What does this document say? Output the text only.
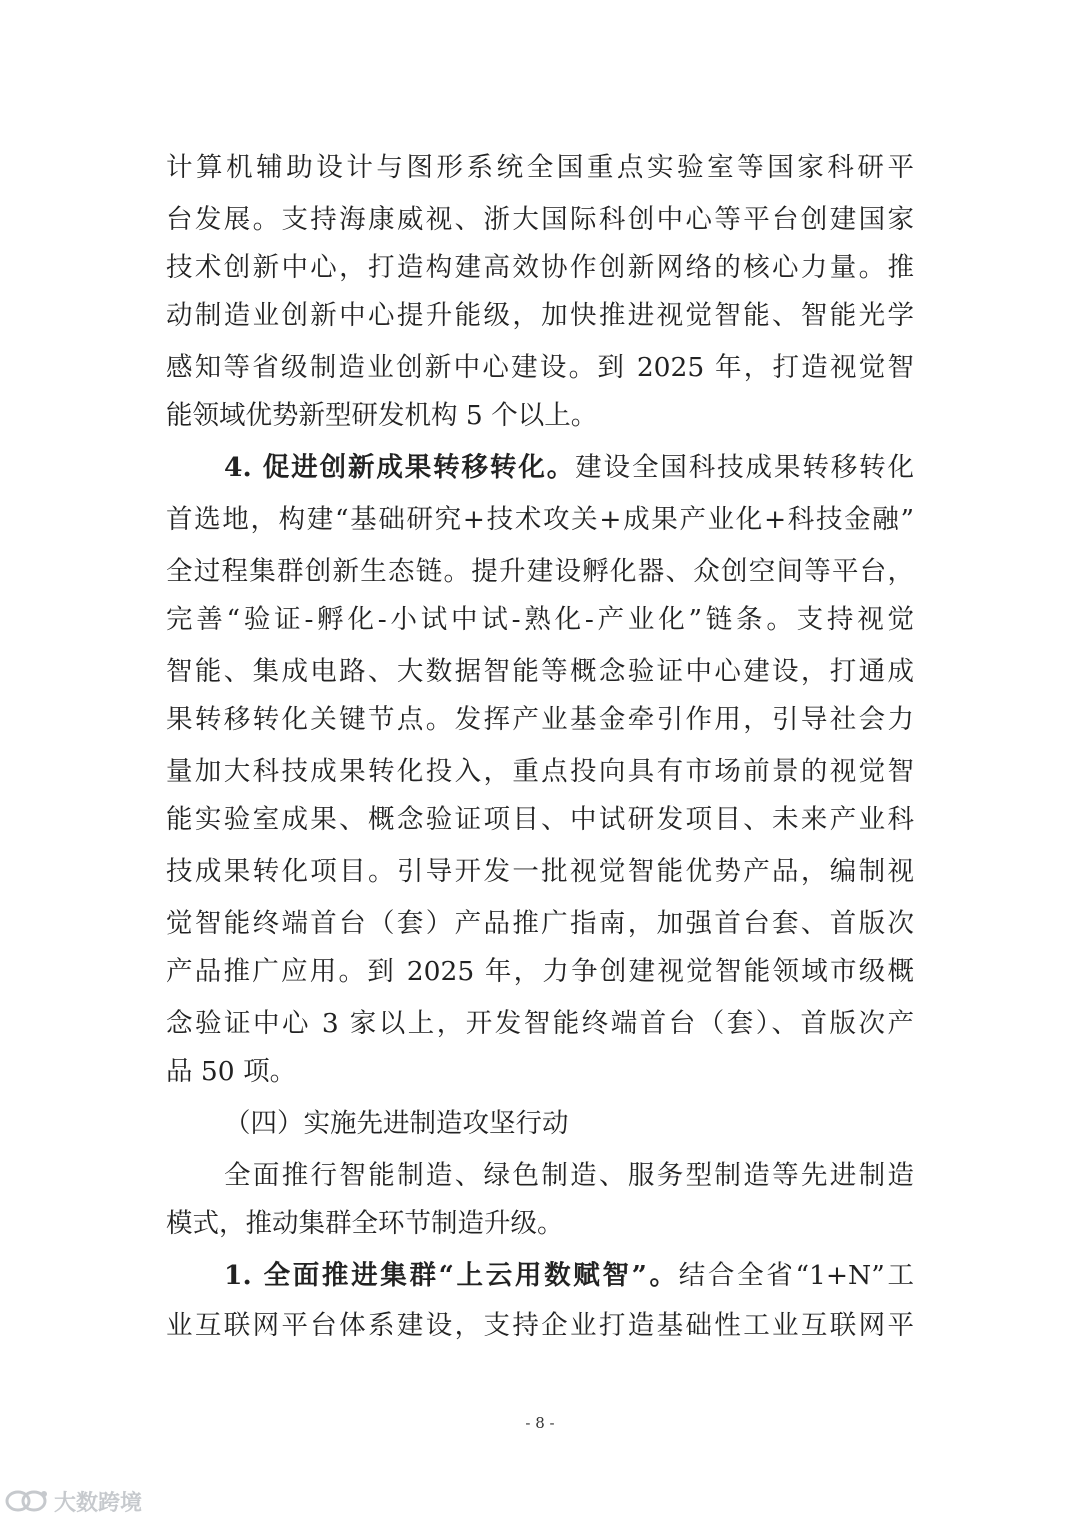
计算机辅助设计与图形系统全国重点实验室等国家科研平
台发展。支持海康威视、浙大国际科创中心等平台创建国家
技术创新中心，打造构建高效协作创新网络的核心力量。推
动制造业创新中心提升能级，加快推进视觉智能、智能光学
感知等省级制造业创新中心建设。到 2025 年，打造视觉智
能领域优势新型研发机构 5 个以上。
4. 促进创新成果转移转化。建设全国科技成果转移转化
首选地，构建“基础研究+技术攻关+成果产业化+科技金融”
全过程集群创新生态链。提升建设孵化器、众创空间等平台，
完善“验证-孵化-小试中试-熟化-产业化”链条。支持视觉
智能、集成电路、大数据智能等概念验证中心建设，打通成
果转移转化关键节点。发挥产业基金牵引作用，引导社会力
量加大科技成果转化投入，重点投向具有市场前景的视觉智
能实验室成果、概念验证项目、中试研发项目、未来产业科
技成果转化项目。引导开发一批视觉智能优势产品，编制视
觉智能终端首台（套）产品推广指南，加强首台套、首版次
产品推广应用。到 2025 年，力争创建视觉智能领域市级概
念验证中心 3 家以上，开发智能终端首台（套）、首版次产
品 50 项。
（四）实施先进制造攻坚行动
全面推行智能制造、绿色制造、服务型制造等先进制造
模式，推动集群全环节制造升级。
1. 全面推进集群“上云用数赋智”。结合全省“1+N”工
业互联网平台体系建设，支持企业打造基础性工业互联网平
- 8 -
大数跨境
